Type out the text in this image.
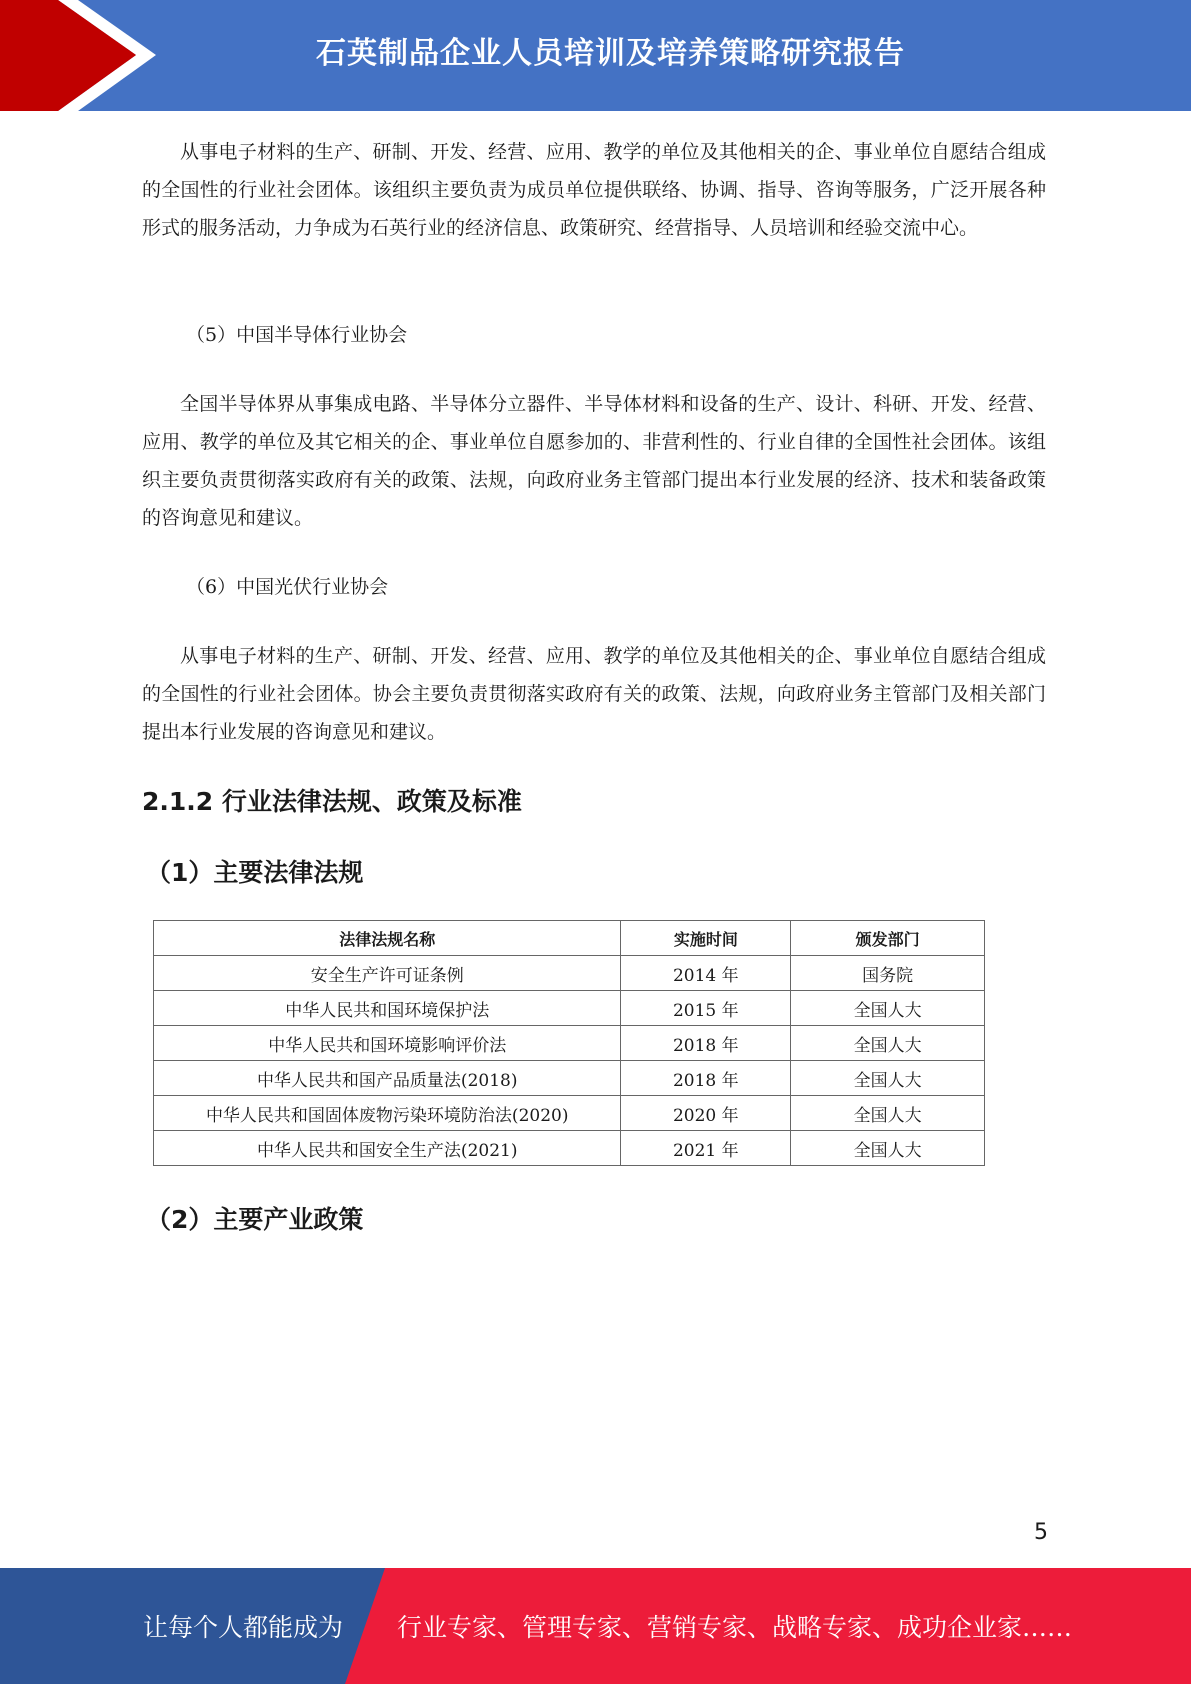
石英制品企业人员培训及培养策略研究报告

从事电子材料的生产、研制、开发、经营、应用、教学的单位及其他相关的企、事业单位自愿结合组成的全国性的行业社会团体。该组织主要负责为成员单位提供联络、协调、指导、咨询等服务，广泛开展各种形式的服务活动，力争成为石英行业的经济信息、政策研究、经营指导、人员培训和经验交流中心。

（5）中国半导体行业协会

全国半导体界从事集成电路、半导体分立器件、半导体材料和设备的生产、设计、科研、开发、经营、应用、教学的单位及其它相关的企、事业单位自愿参加的、非营利性的、行业自律的全国性社会团体。该组织主要负责贯彻落实政府有关的政策、法规，向政府业务主管部门提出本行业发展的经济、技术和装备政策的咨询意见和建议。

（6）中国光伏行业协会

从事电子材料的生产、研制、开发、经营、应用、教学的单位及其他相关的企、事业单位自愿结合组成的全国性的行业社会团体。协会主要负责贯彻落实政府有关的政策、法规，向政府业务主管部门及相关部门提出本行业发展的咨询意见和建议。

2.1.2 行业法律法规、政策及标准
（1）主要法律法规
法律法规名称	实施时间	颁发部门
安全生产许可证条例	2014 年	国务院
中华人民共和国环境保护法	2015 年	全国人大
中华人民共和国环境影响评价法	2018 年	全国人大
中华人民共和国产品质量法(2018)	2018 年	全国人大
中华人民共和国固体废物污染环境防治法(2020)	2020 年	全国人大
中华人民共和国安全生产法(2021)	2021 年	全国人大
（2）主要产业政策
5
让每个人都能成为 行业专家、管理专家、营销专家、战略专家、成功企业家……
